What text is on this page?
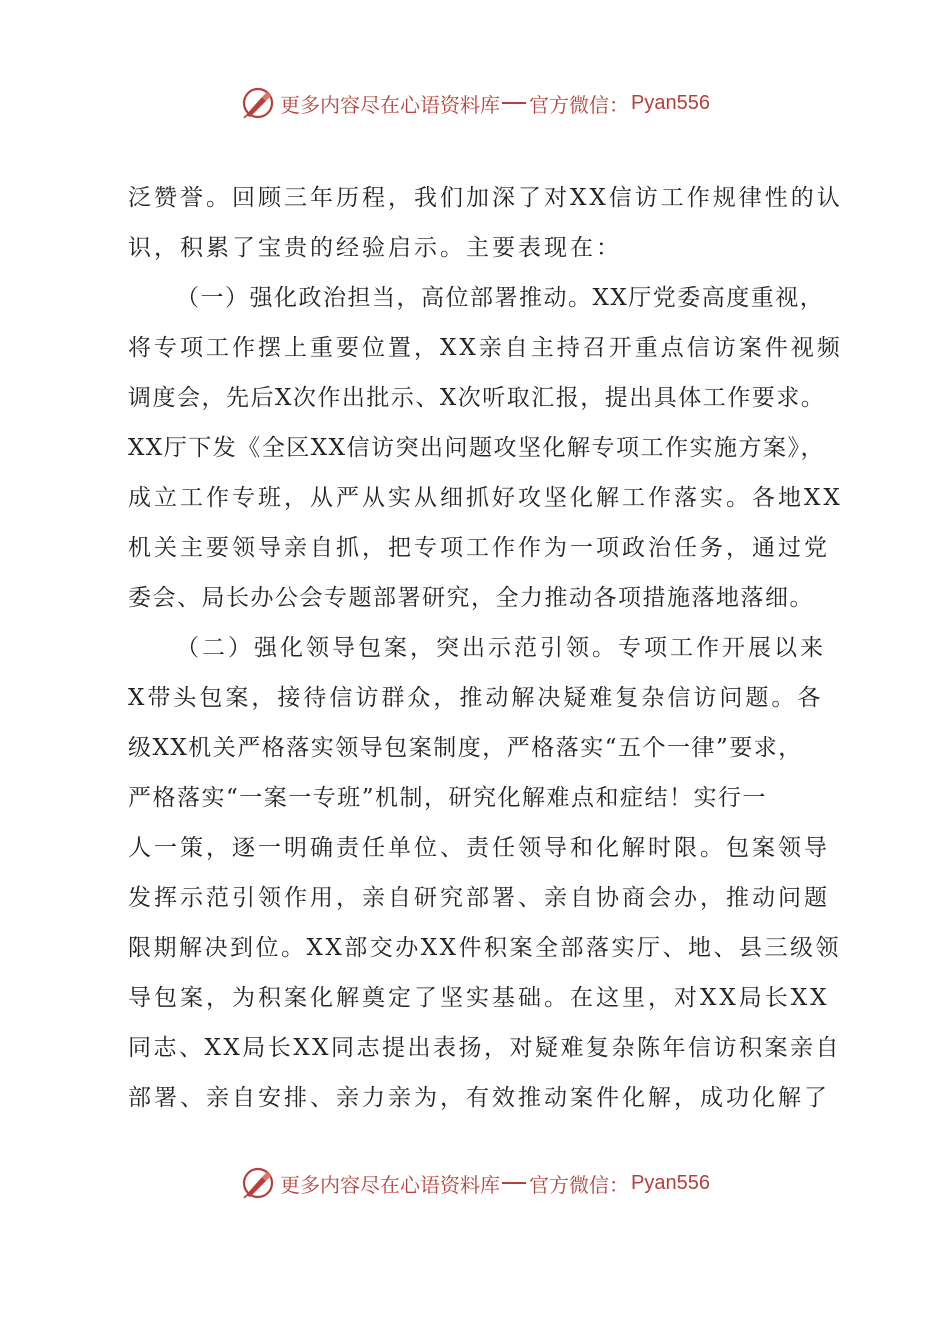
更多内容尽在心语资料库 官方微信： Pyan556
泛赞誉。回顾三年历程，我们加深了对XX信访工作规律性的认
识，积累了宝贵的经验启示。主要表现在：
（一）强化政治担当，高位部署推动。XX厅党委高度重视，
将专项工作摆上重要位置，XX亲自主持召开重点信访案件视频
调度会，先后X次作出批示、X次听取汇报，提出具体工作要求。
XX厅下发《全区XX信访突出问题攻坚化解专项工作实施方案》，
成立工作专班，从严从实从细抓好攻坚化解工作落实。各地XX
机关主要领导亲自抓，把专项工作作为一项政治任务，通过党
委会、局长办公会专题部署研究，全力推动各项措施落地落细。
（二）强化领导包案，突出示范引领。专项工作开展以来
X带头包案，接待信访群众，推动解决疑难复杂信访问题。各
级XX机关严格落实领导包案制度，严格落实“五个一律”要求，
严格落实“一案一专班”机制，研究化解难点和症结！实行一
人一策，逐一明确责任单位、责任领导和化解时限。包案领导
发挥示范引领作用，亲自研究部署、亲自协商会办，推动问题
限期解决到位。XX部交办XX件积案全部落实厅、地、县三级领
导包案，为积案化解奠定了坚实基础。在这里，对XX局长XX
同志、XX局长XX同志提出表扬，对疑难复杂陈年信访积案亲自
部署、亲自安排、亲力亲为，有效推动案件化解，成功化解了
更多内容尽在心语资料库 官方微信： Pyan556
